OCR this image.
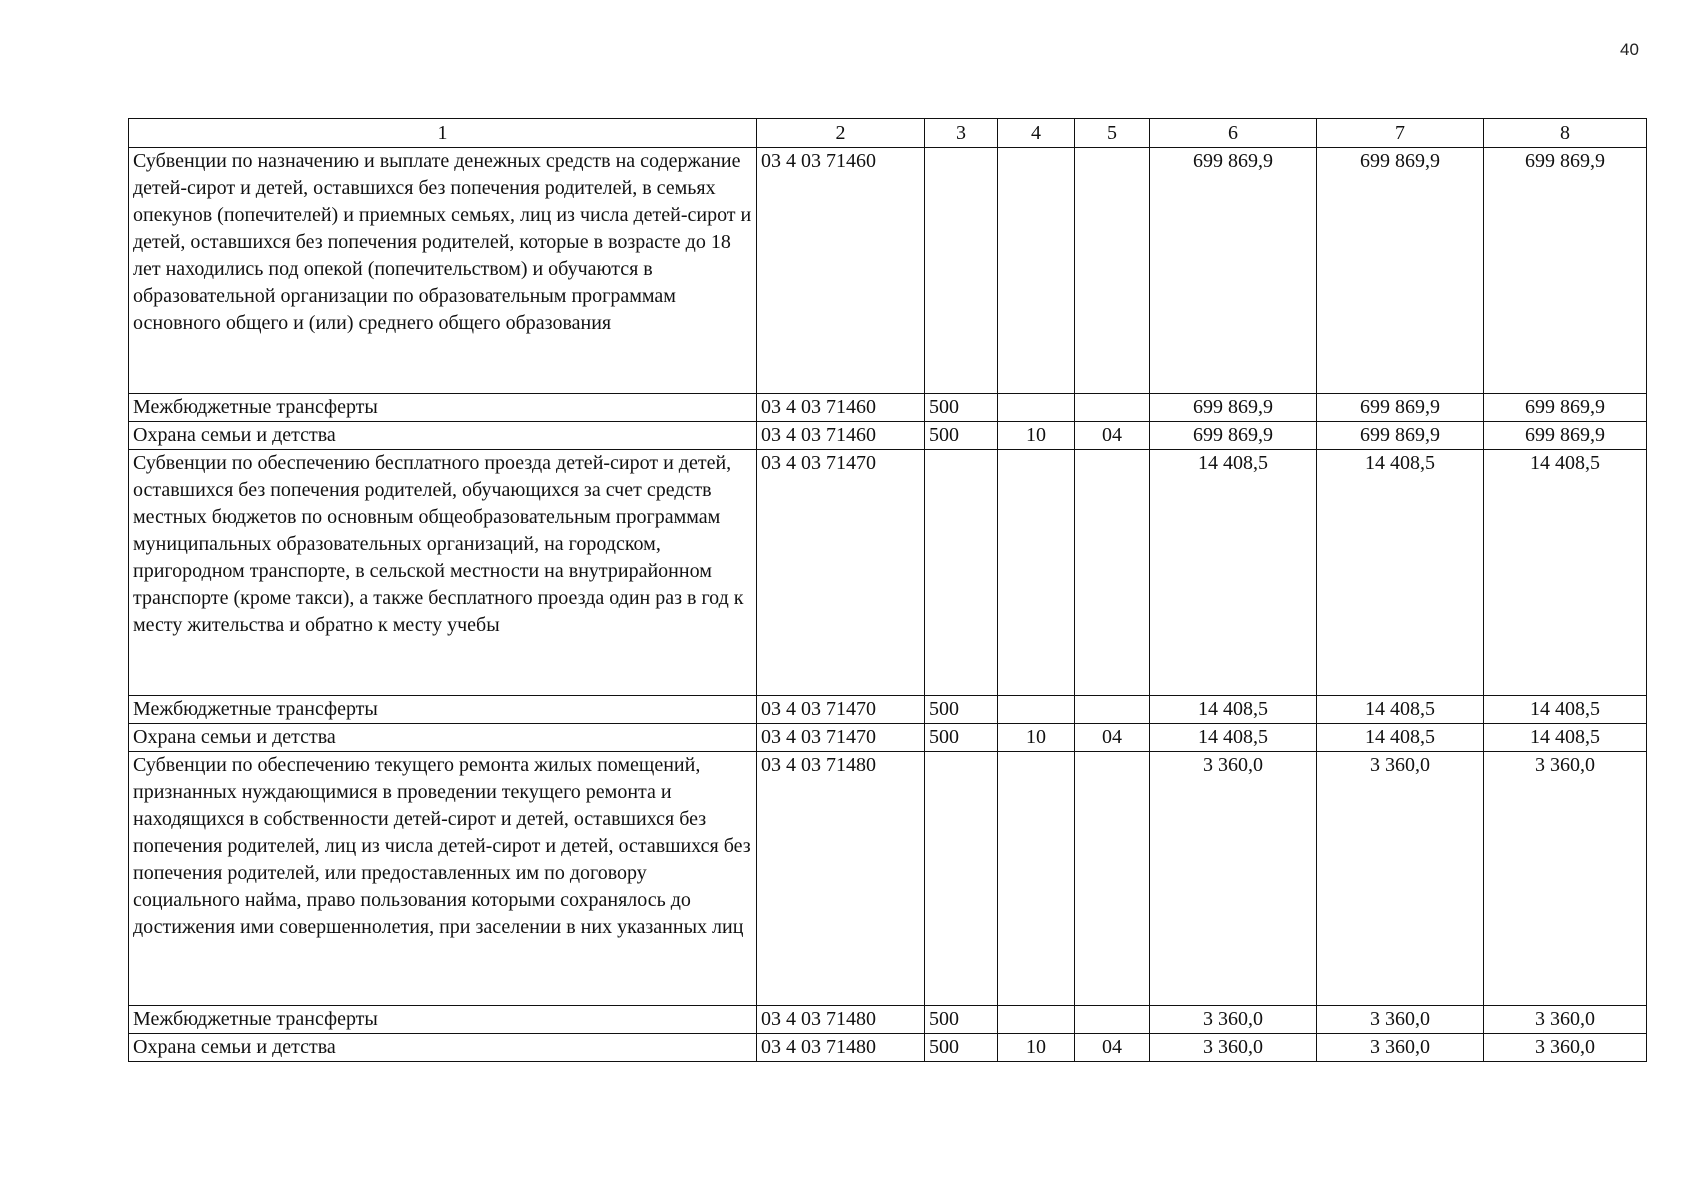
40
1	2	3	4	5	6	7	8
Субвенции по назначению и выплате денежных средств на содержание детей-сирот и детей, оставшихся без попечения родителей, в семьях опекунов (попечителей) и приемных семьях, лиц из числа детей-сирот и детей, оставшихся без попечения родителей, которые в возрасте до 18 лет находились под опекой (попечительством) и обучаются в образовательной организации по образовательным программам основного общего и (или) среднего общего образования	03 4 03 71460				699 869,9	699 869,9	699 869,9
Межбюджетные трансферты	03 4 03 71460	500			699 869,9	699 869,9	699 869,9
Охрана семьи и детства	03 4 03 71460	500	10	04	699 869,9	699 869,9	699 869,9
Субвенции по обеспечению бесплатного проезда детей-сирот и детей, оставшихся без попечения родителей, обучающихся за счет средств местных бюджетов по основным общеобразовательным программам муниципальных образовательных организаций, на городском, пригородном транспорте, в сельской местности на внутрирайонном транспорте (кроме такси), а также бесплатного проезда один раз в год к месту жительства и обратно к месту учебы	03 4 03 71470				14 408,5	14 408,5	14 408,5
Межбюджетные трансферты	03 4 03 71470	500			14 408,5	14 408,5	14 408,5
Охрана семьи и детства	03 4 03 71470	500	10	04	14 408,5	14 408,5	14 408,5
Субвенции по обеспечению текущего ремонта жилых помещений, признанных нуждающимися в проведении текущего ремонта и находящихся в собственности детей-сирот и детей, оставшихся без попечения родителей, лиц из числа детей-сирот и детей, оставшихся без попечения родителей, или предоставленных им по договору социального найма, право пользования которыми сохранялось до достижения ими совершеннолетия, при заселении в них указанных лиц	03 4 03 71480				3 360,0	3 360,0	3 360,0
Межбюджетные трансферты	03 4 03 71480	500			3 360,0	3 360,0	3 360,0
Охрана семьи и детства	03 4 03 71480	500	10	04	3 360,0	3 360,0	3 360,0
